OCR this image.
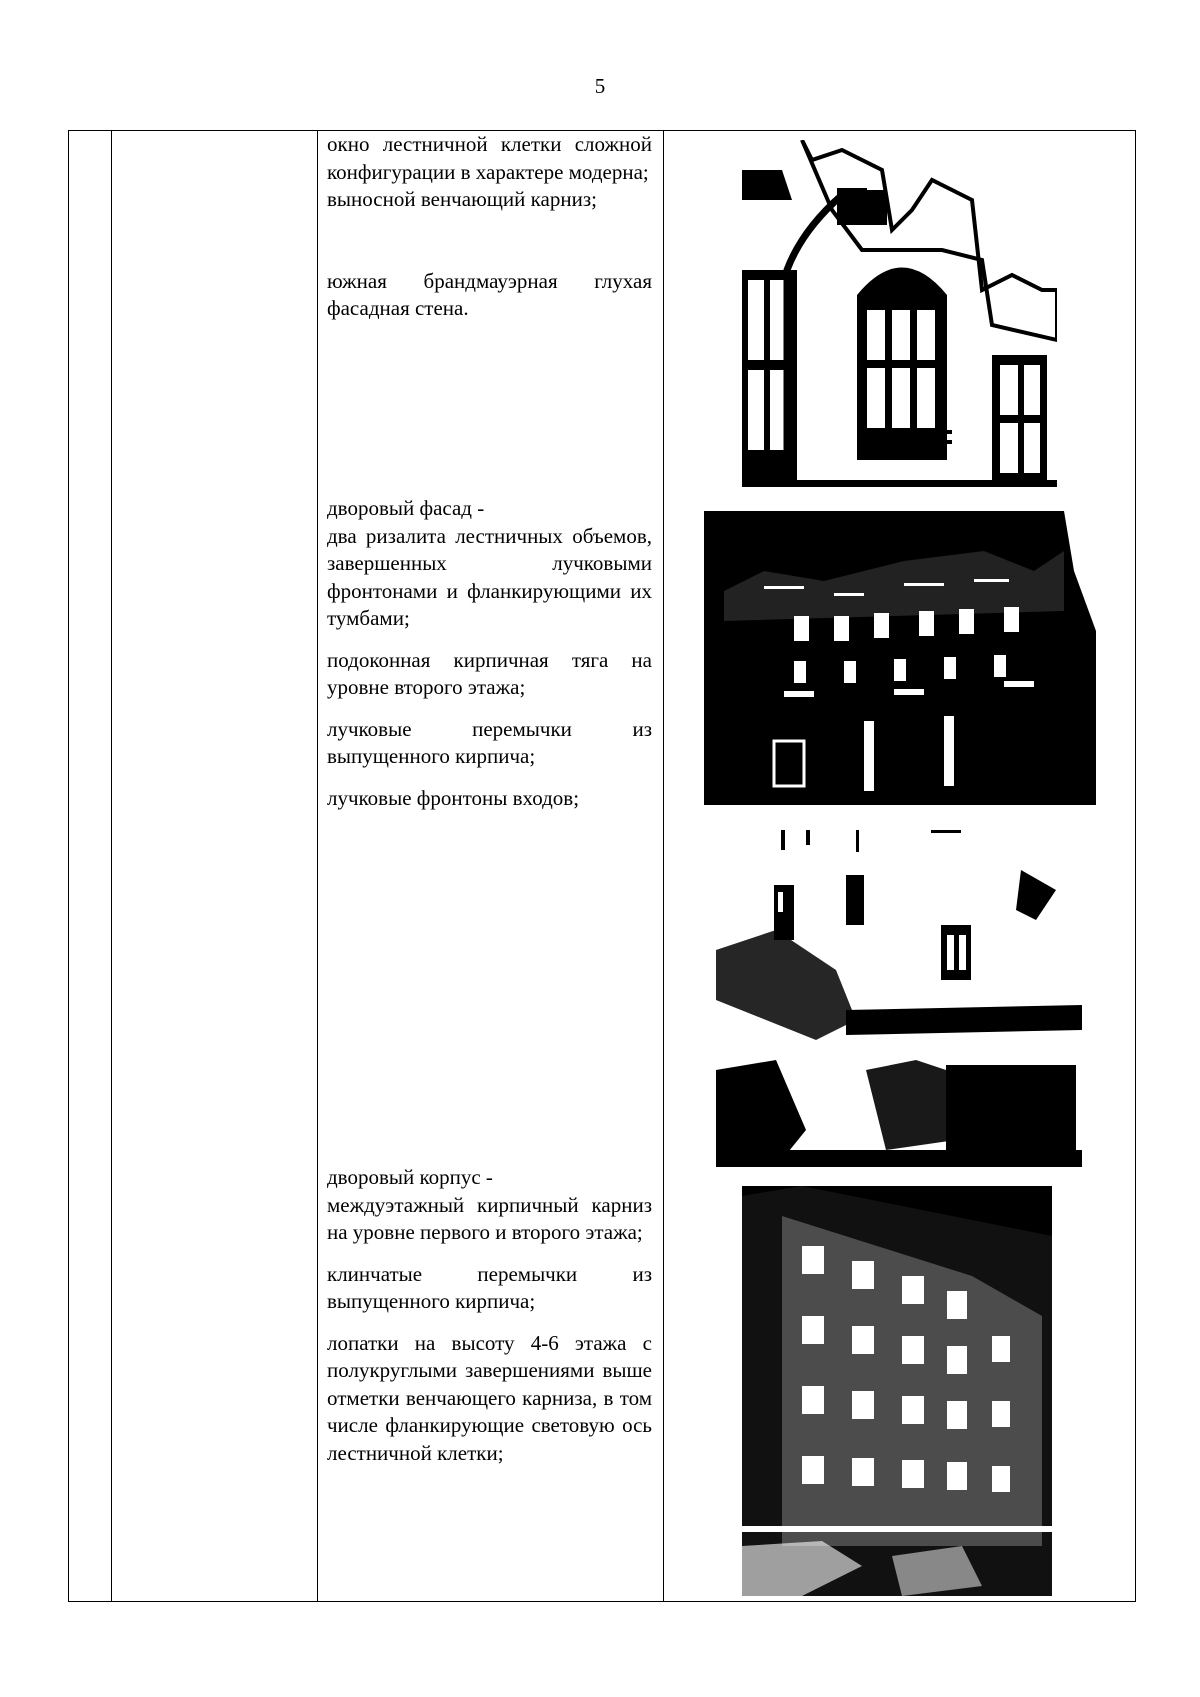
5

окно лестничной клетки сложной конфигурации в характере модерна;

выносной венчающий карниз;

южная брандмауэрная глухая фасадная стена.

дворовый фасад -

два ризалита лестничных объемов, завершенных лучковыми фронтонами и фланкирующими их тумбами;

подоконная кирпичная тяга на уровне второго этажа;

лучковые перемычки из выпущенного кирпича;

лучковые фронтоны входов;

дворовый корпус -

междуэтажный кирпичный карниз на уровне первого и второго этажа;

клинчатые перемычки из выпущенного кирпича;

лопатки на высоту 4-6 этажа с полукруглыми завершениями выше отметки венчающего карниза, в том числе фланкирующие световую ось лестничной клетки;
